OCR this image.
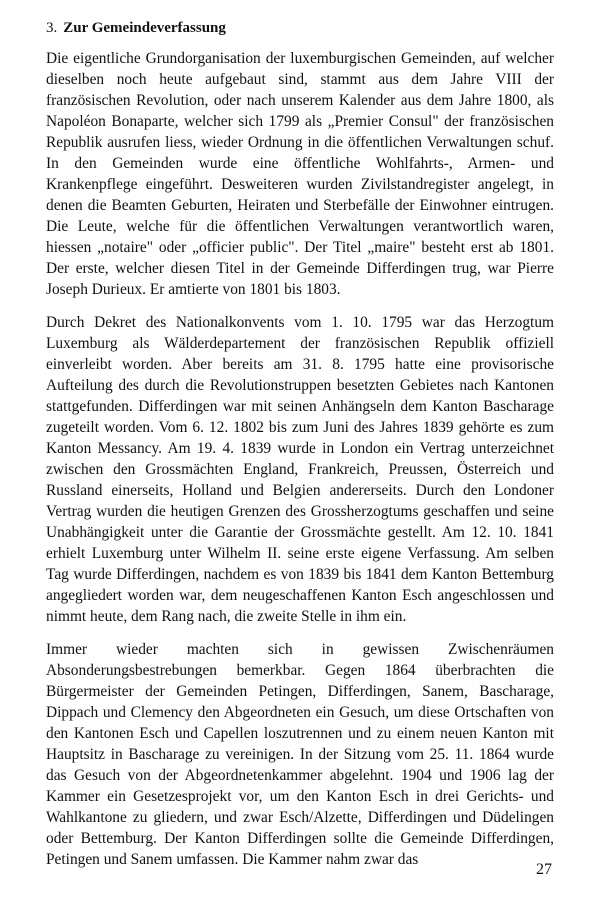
3. Zur Gemeindeverfassung

Die eigentliche Grundorganisation der luxemburgischen Gemeinden, auf welcher dieselben noch heute aufgebaut sind, stammt aus dem Jahre VIII der französischen Revolution, oder nach unserem Kalender aus dem Jahre 1800, als Napoléon Bonaparte, welcher sich 1799 als „Premier Consul" der französischen Republik ausrufen liess, wieder Ordnung in die öffentlichen Verwaltungen schuf. In den Gemeinden wurde eine öffentliche Wohlfahrts-, Armen- und Krankenpflege eingeführt. Desweiteren wurden Zivilstandregister angelegt, in denen die Beamten Geburten, Heiraten und Sterbefälle der Einwohner eintrugen. Die Leute, welche für die öffentlichen Verwaltungen verantwortlich waren, hiessen „notaire" oder „officier public". Der Titel „maire" besteht erst ab 1801. Der erste, welcher diesen Titel in der Gemeinde Differdingen trug, war Pierre Joseph Durieux. Er amtierte von 1801 bis 1803.

Durch Dekret des Nationalkonvents vom 1. 10. 1795 war das Herzogtum Luxemburg als Wälderdepartement der französischen Republik offiziell einverleibt worden. Aber bereits am 31. 8. 1795 hatte eine provisorische Aufteilung des durch die Revolutionstruppen besetzten Gebietes nach Kantonen stattgefunden. Differdingen war mit seinen Anhängseln dem Kanton Bascharage zugeteilt worden. Vom 6. 12. 1802 bis zum Juni des Jahres 1839 gehörte es zum Kanton Messancy. Am 19. 4. 1839 wurde in London ein Vertrag unterzeichnet zwischen den Grossmächten England, Frankreich, Preussen, Österreich und Russland einerseits, Holland und Belgien andererseits. Durch den Londoner Vertrag wurden die heutigen Grenzen des Grossherzogtums geschaffen und seine Unabhängigkeit unter die Garantie der Grossmächte gestellt. Am 12. 10. 1841 erhielt Luxemburg unter Wilhelm II. seine erste eigene Verfassung. Am selben Tag wurde Differdingen, nachdem es von 1839 bis 1841 dem Kanton Bettemburg angegliedert worden war, dem neugeschaffenen Kanton Esch angeschlossen und nimmt heute, dem Rang nach, die zweite Stelle in ihm ein.

Immer wieder machten sich in gewissen Zwischenräumen Absonderungsbestrebungen bemerkbar. Gegen 1864 überbrachten die Bürgermeister der Gemeinden Petingen, Differdingen, Sanem, Bascharage, Dippach und Clemency den Abgeordneten ein Gesuch, um diese Ortschaften von den Kantonen Esch und Capellen loszutrennen und zu einem neuen Kanton mit Hauptsitz in Bascharage zu vereinigen. In der Sitzung vom 25. 11. 1864 wurde das Gesuch von der Abgeordnetenkammer abgelehnt. 1904 und 1906 lag der Kammer ein Gesetzesprojekt vor, um den Kanton Esch in drei Gerichts- und Wahlkantone zu gliedern, und zwar Esch/Alzette, Differdingen und Düdelingen oder Bettemburg. Der Kanton Differdingen sollte die Gemeinde Differdingen, Petingen und Sanem umfassen. Die Kammer nahm zwar das

27
